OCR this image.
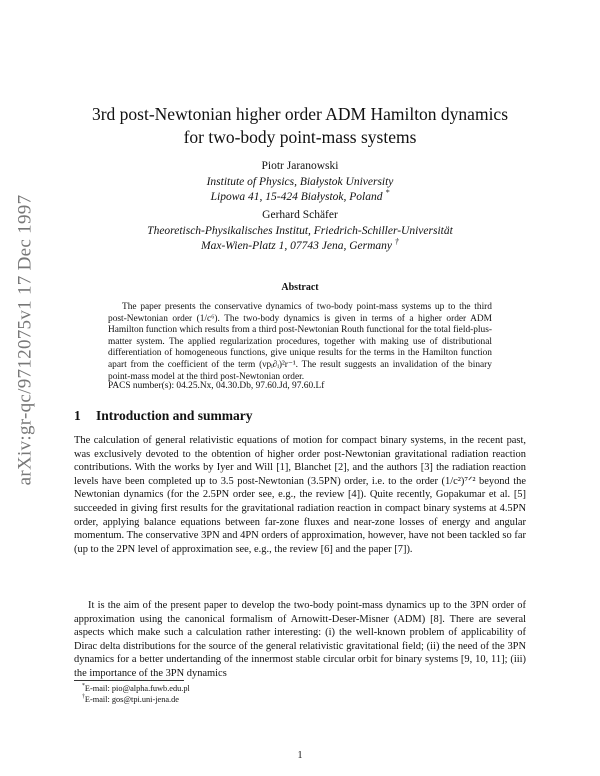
arXiv:gr-qc/9712075v1 17 Dec 1997
3rd post-Newtonian higher order ADM Hamilton dynamics
for two-body point-mass systems
Piotr Jaranowski
Institute of Physics, Białystok University
Lipowa 41, 15-424 Białystok, Poland *
Gerhard Schäfer
Theoretisch-Physikalisches Institut, Friedrich-Schiller-Universität
Max-Wien-Platz 1, 07743 Jena, Germany †
Abstract

The paper presents the conservative dynamics of two-body point-mass systems up to the third post-Newtonian order (1/c⁶). The two-body dynamics is given in terms of a higher order ADM Hamilton function which results from a third post-Newtonian Routh functional for the total field-plus-matter system. The applied regularization procedures, together with making use of distributional differentiation of homogeneous functions, give unique results for the terms in the Hamilton function apart from the coefficient of the term (νpᵢ∂ᵢ)²r⁻¹. The result suggests an invalidation of the binary point-mass model at the third post-Newtonian order.

PACS number(s): 04.25.Nx, 04.30.Db, 97.60.Jd, 97.60.Lf

1 Introduction and summary

The calculation of general relativistic equations of motion for compact binary systems, in the recent past, was exclusively devoted to the obtention of higher order post-Newtonian gravitational radiation reaction contributions. With the works by Iyer and Will [1], Blanchet [2], and the authors [3] the radiation reaction levels have been completed up to 3.5 post-Newtonian (3.5PN) order, i.e. to the order (1/c²)⁷ᐟ² beyond the Newtonian dynamics (for the 2.5PN order see, e.g., the review [4]). Quite recently, Gopakumar et al. [5] succeeded in giving first results for the gravitational radiation reaction in compact binary systems at 4.5PN order, applying balance equations between far-zone fluxes and near-zone losses of energy and angular momentum. The conservative 3PN and 4PN orders of approximation, however, have not been tackled so far (up to the 2PN level of approximation see, e.g., the review [6] and the paper [7]).

It is the aim of the present paper to develop the two-body point-mass dynamics up to the 3PN order of approximation using the canonical formalism of Arnowitt-Deser-Misner (ADM) [8]. There are several aspects which make such a calculation rather interesting: (i) the well-known problem of applicability of Dirac delta distributions for the source of the general relativistic gravitational field; (ii) the need of the 3PN dynamics for a better undertanding of the innermost stable circular orbit for binary systems [9, 10, 11]; (iii) the importance of the 3PN dynamics

*E-mail: pio@alpha.fuwb.edu.pl

†E-mail: gos@tpi.uni-jena.de

1
